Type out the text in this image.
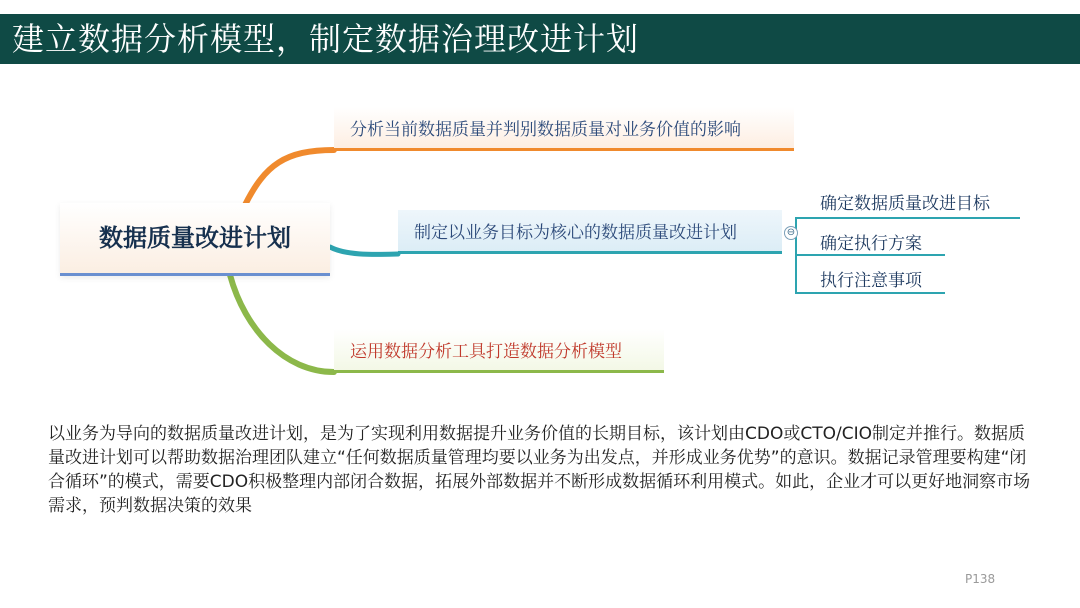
建立数据分析模型，制定数据治理改进计划
数据质量改进计划
分析当前数据质量并判别数据质量对业务价值的影响
制定以业务目标为核心的数据质量改进计划	⊖
运用数据分析工具打造数据分析模型
确定数据质量改进目标
确定执行方案
执行注意事项
以业务为导向的数据质量改进计划，是为了实现利用数据提升业务价值的长期目标，该计划由CDO或CTO/CIO制定并推行。数据质量改进计划可以帮助数据治理团队建立“任何数据质量管理均要以业务为出发点，并形成业务优势”的意识。数据记录管理要构建“闭合循环”的模式，需要CDO积极整理内部闭合数据，拓展外部数据并不断形成数据循环利用模式。如此，企业才可以更好地洞察市场需求，预判数据决策的效果
P138
